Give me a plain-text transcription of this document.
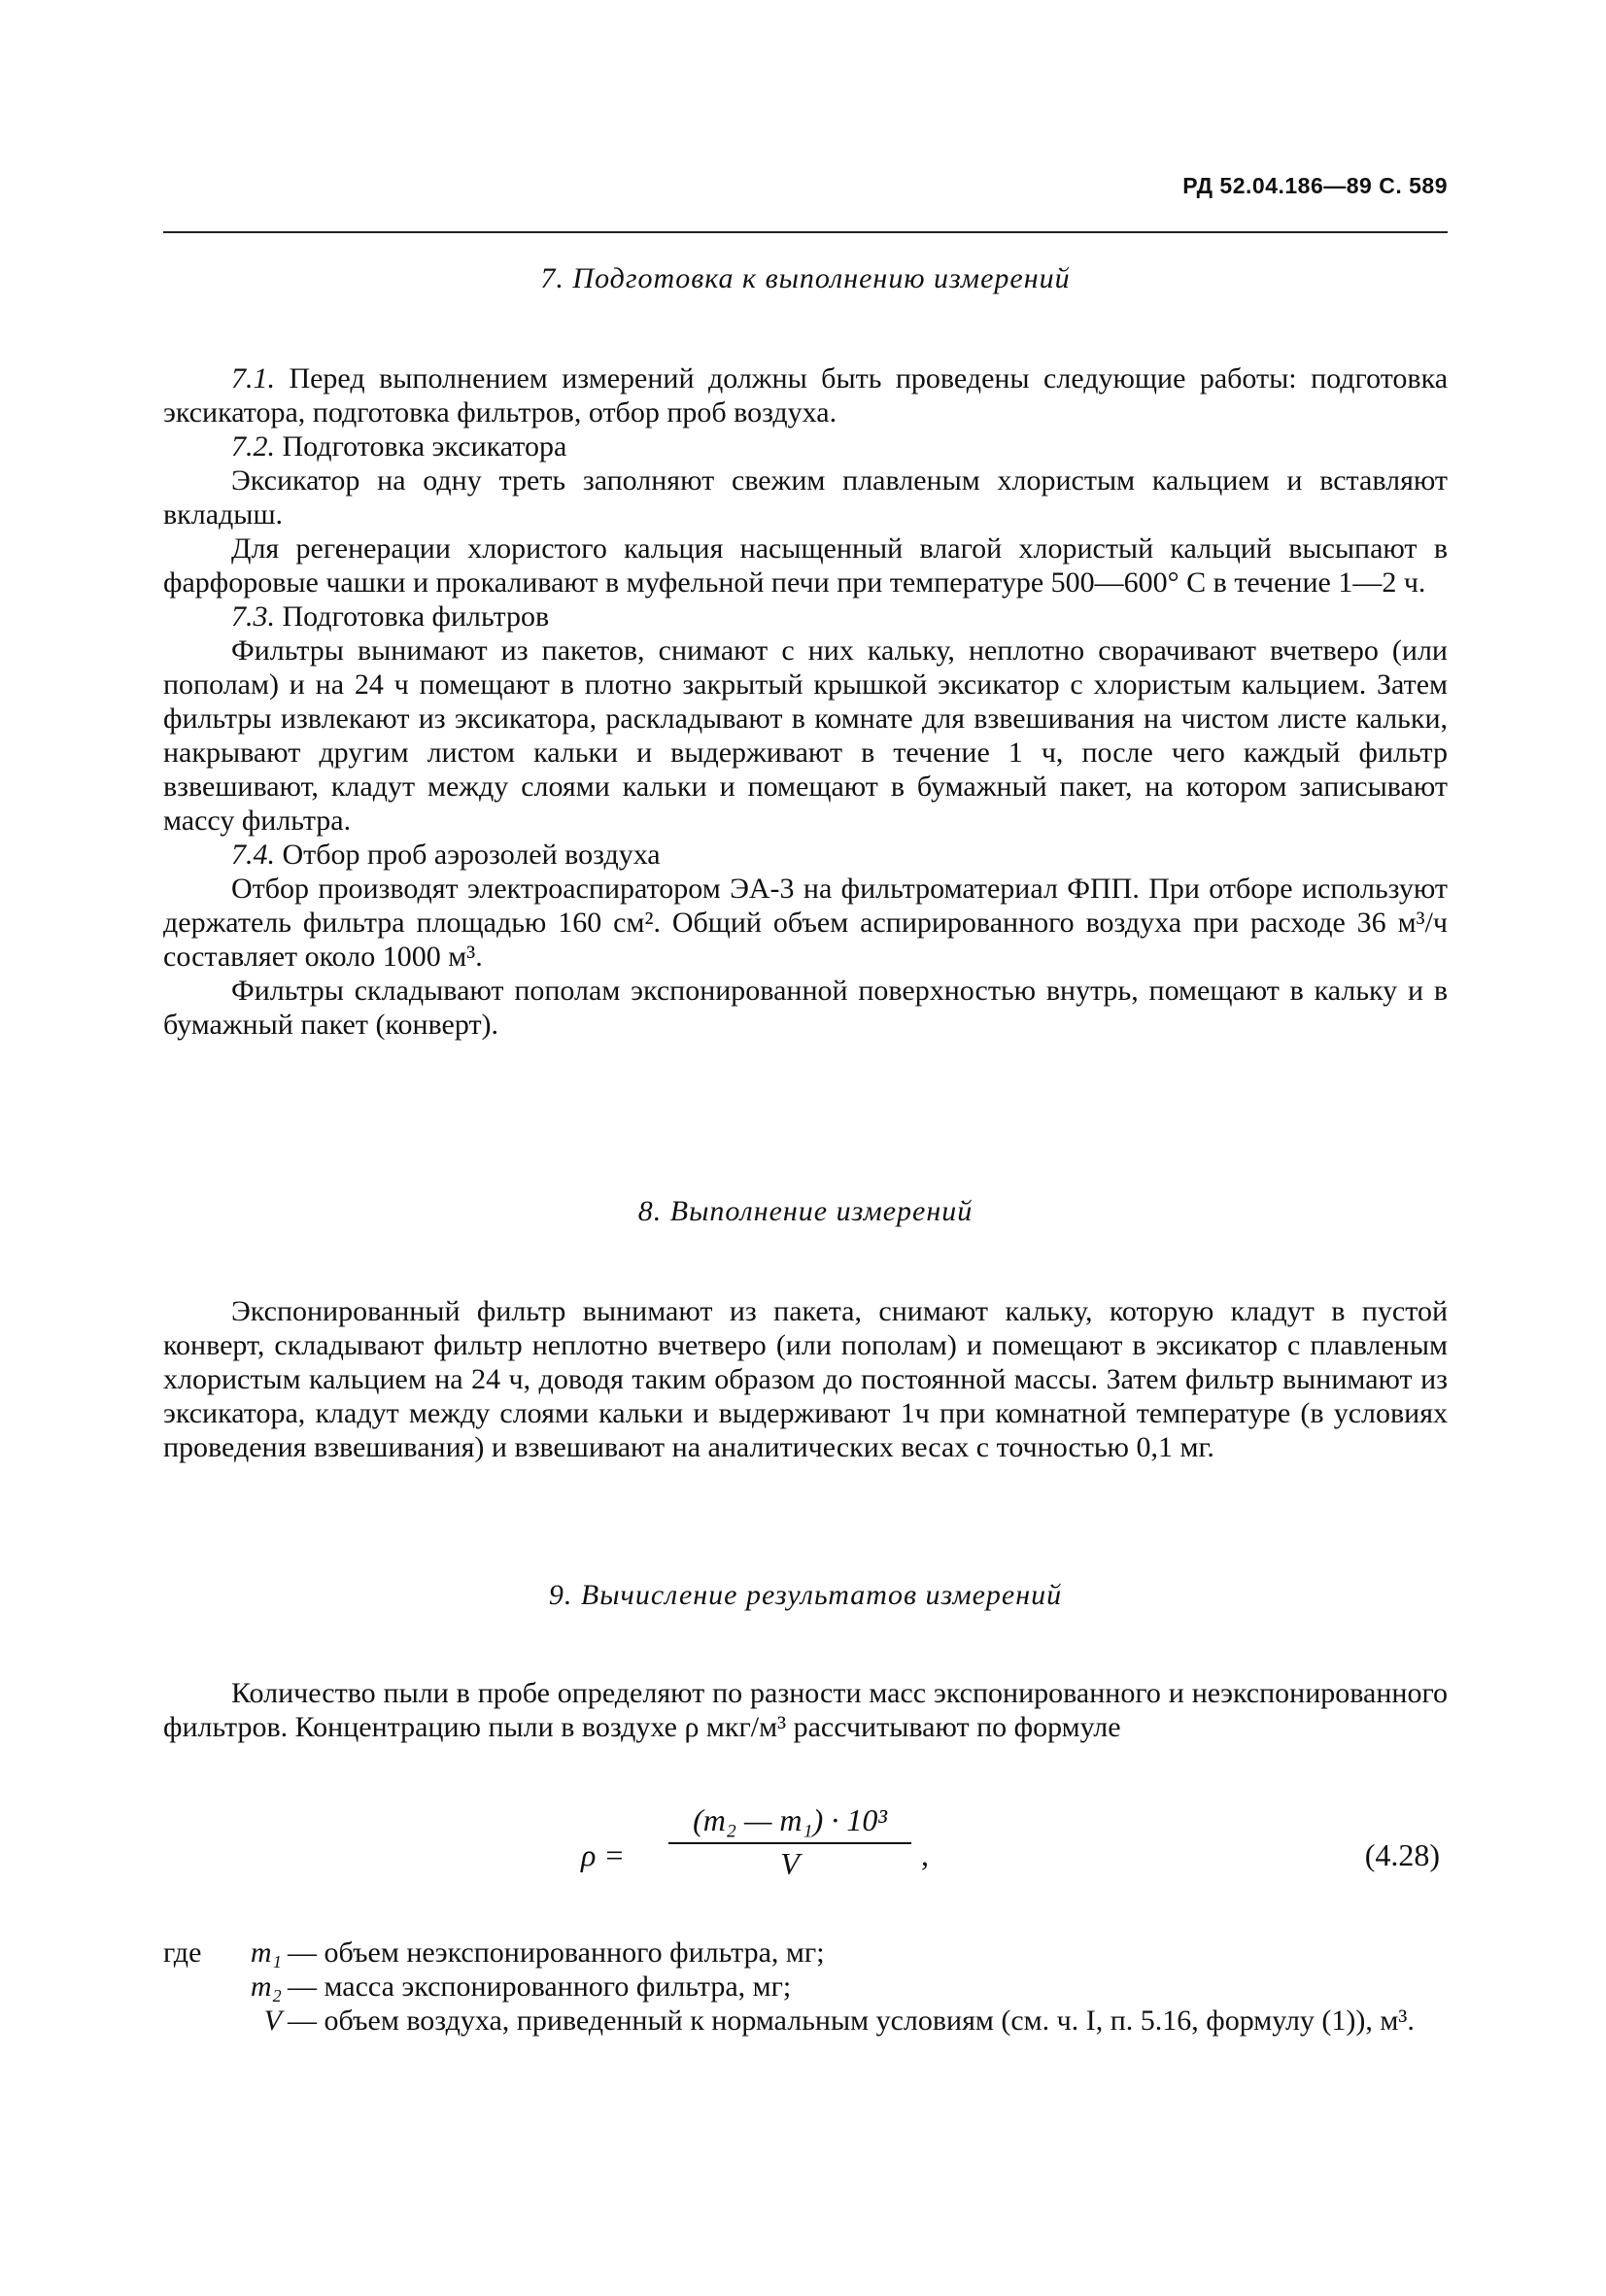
РД 52.04.186—89 С. 589
7. Подготовка к выполнению измерений

7.1. Перед выполнением измерений должны быть проведены следующие работы: подготовка эксикатора, подготовка фильтров, отбор проб воздуха.

7.2. Подготовка эксикатора

Эксикатор на одну треть заполняют свежим плавленым хлористым кальцием и вставляют вкладыш.

Для регенерации хлористого кальция насыщенный влагой хлористый кальций высыпают в фарфоровые чашки и прокаливают в муфельной печи при температуре 500—600° С в течение 1—2 ч.

7.3. Подготовка фильтров

Фильтры вынимают из пакетов, снимают с них кальку, неплотно сворачивают вчетверо (или пополам) и на 24 ч помещают в плотно закрытый крышкой эксикатор с хлористым кальцием. Затем фильтры извлекают из эксикатора, раскладывают в комнате для взвешивания на чистом листе кальки, накрывают другим листом кальки и выдерживают в течение 1 ч, после чего каждый фильтр взвешивают, кладут между слоями кальки и помещают в бумажный пакет, на котором записывают массу фильтра.

7.4. Отбор проб аэрозолей воздуха

Отбор производят электроаспиратором ЭА-3 на фильтроматериал ФПП. При отборе используют держатель фильтра площадью 160 см². Общий объем аспирированного воздуха при расходе 36 м³/ч составляет около 1000 м³.

Фильтры складывают пополам экспонированной поверхностью внутрь, помещают в кальку и в бумажный пакет (конверт).

8. Выполнение измерений

Экспонированный фильтр вынимают из пакета, снимают кальку, которую кладут в пустой конверт, складывают фильтр неплотно вчетверо (или пополам) и помещают в эксикатор с плавленым хлористым кальцием на 24 ч, доводя таким образом до постоянной массы. Затем фильтр вынимают из эксикатора, кладут между слоями кальки и выдерживают 1ч при комнатной температуре (в условиях проведения взвешивания) и взвешивают на аналитических весах с точностью 0,1 мг.

9. Вычисление результатов измерений

Количество пыли в пробе определяют по разности масс экспонированного и неэкспонированного фильтров. Концентрацию пыли в воздухе ρ мкг/м³ рассчитывают по формуле

$\rho = \frac{\text{(m₂ — m₁) · 10³}}{V}$ ,	(4.28)
где	m₁ — объем неэкспонированного фильтра, мг;
m₂ — масса экспонированного фильтра, мг;
V — объем воздуха, приведенный к нормальным условиям (см. ч. I, п. 5.16, формулу (1)), м³.
